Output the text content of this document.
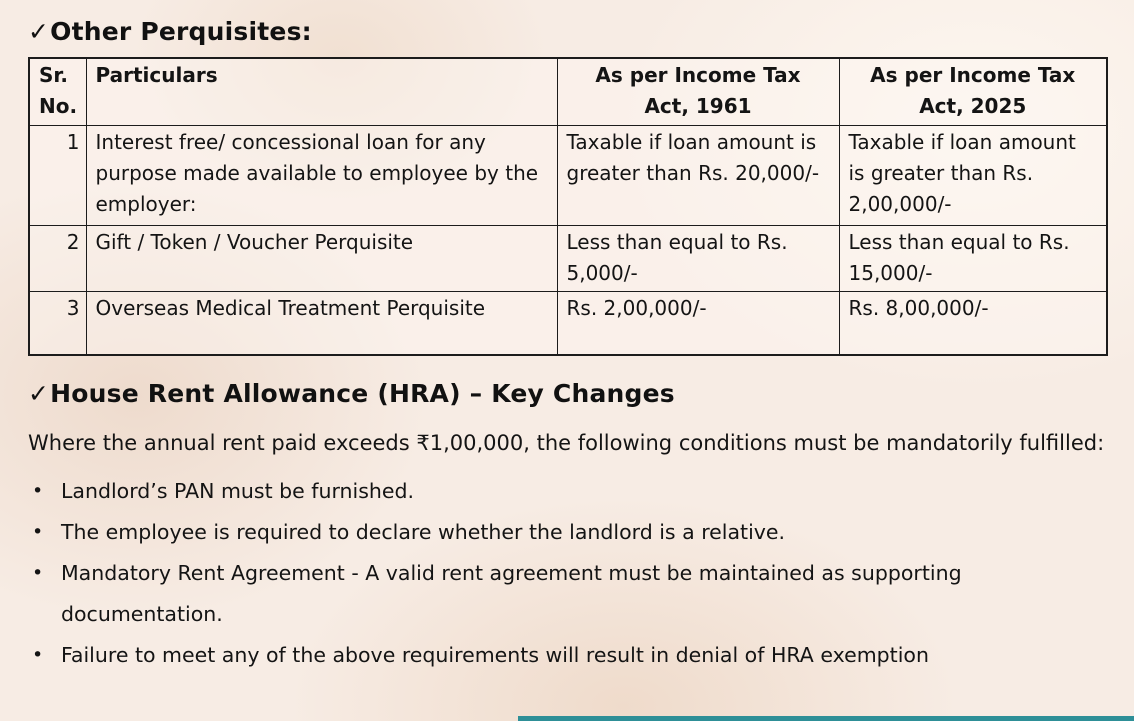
✓Other Perquisites:
Sr. No.	Particulars	As per Income Tax Act, 1961	As per Income Tax Act, 2025
1	Interest free/ concessional loan for any purpose made available to employee by the employer:	Taxable if loan amount is greater than Rs. 20,000/-	Taxable if loan amount is greater than Rs. 2,00,000/-
2	Gift / Token / Voucher Perquisite	Less than equal to Rs. 5,000/-	Less than equal to Rs. 15,000/-
3	Overseas Medical Treatment Perquisite	Rs. 2,00,000/-	Rs. 8,00,000/-
✓House Rent Allowance (HRA) – Key Changes

Where the annual rent paid exceeds ₹1,00,000, the following conditions must be mandatorily fulfilled:

• Landlord’s PAN must be furnished.
• The employee is required to declare whether the landlord is a relative.
• Mandatory Rent Agreement - A valid rent agreement must be maintained as supporting documentation.
• Failure to meet any of the above requirements will result in denial of HRA exemption
